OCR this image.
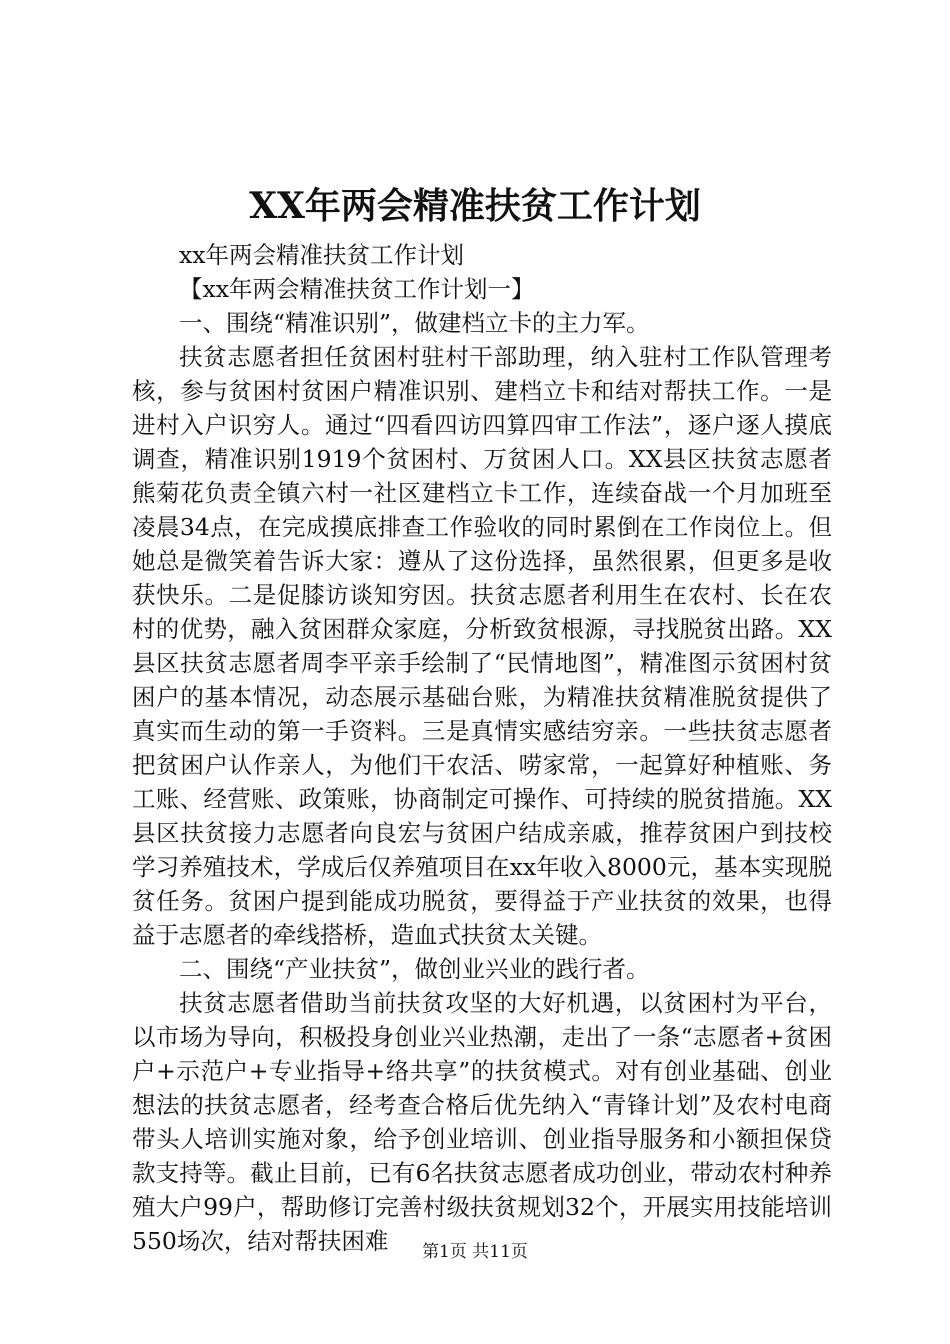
XX年两会精准扶贫工作计划

xx年两会精准扶贫工作计划

【xx年两会精准扶贫工作计划一】

一、围绕“精准识别”，做建档立卡的主力军。

扶贫志愿者担任贫困村驻村干部助理，纳入驻村工作队管理考核，参与贫困村贫困户精准识别、建档立卡和结对帮扶工作。一是进村入户识穷人。通过“四看四访四算四审工作法”，逐户逐人摸底调查，精准识别1919个贫困村、万贫困人口。XX县区扶贫志愿者熊菊花负责全镇六村一社区建档立卡工作，连续奋战一个月加班至凌晨34点，在完成摸底排查工作验收的同时累倒在工作岗位上。但她总是微笑着告诉大家：遵从了这份选择，虽然很累，但更多是收获快乐。二是促膝访谈知穷因。扶贫志愿者利用生在农村、长在农村的优势，融入贫困群众家庭，分析致贫根源，寻找脱贫出路。XX县区扶贫志愿者周李平亲手绘制了“民情地图”，精准图示贫困村贫困户的基本情况，动态展示基础台账，为精准扶贫精准脱贫提供了真实而生动的第一手资料。三是真情实感结穷亲。一些扶贫志愿者把贫困户认作亲人，为他们干农活、唠家常，一起算好种植账、务工账、经营账、政策账，协商制定可操作、可持续的脱贫措施。XX县区扶贫接力志愿者向良宏与贫困户结成亲戚，推荐贫困户到技校学习养殖技术，学成后仅养殖项目在xx年收入8000元，基本实现脱贫任务。贫困户提到能成功脱贫，要得益于产业扶贫的效果，也得益于志愿者的牵线搭桥，造血式扶贫太关键。

二、围绕“产业扶贫”，做创业兴业的践行者。

扶贫志愿者借助当前扶贫攻坚的大好机遇，以贫困村为平台，以市场为导向，积极投身创业兴业热潮，走出了一条“志愿者+贫困户+示范户+专业指导+络共享”的扶贫模式。对有创业基础、创业想法的扶贫志愿者，经考查合格后优先纳入“青锋计划”及农村电商带头人培训实施对象，给予创业培训、创业指导服务和小额担保贷款支持等。截止目前，已有6名扶贫志愿者成功创业，带动农村种养殖大户99户，帮助修订完善村级扶贫规划32个，开展实用技能培训550场次，结对帮扶困难	第1页 共11页
